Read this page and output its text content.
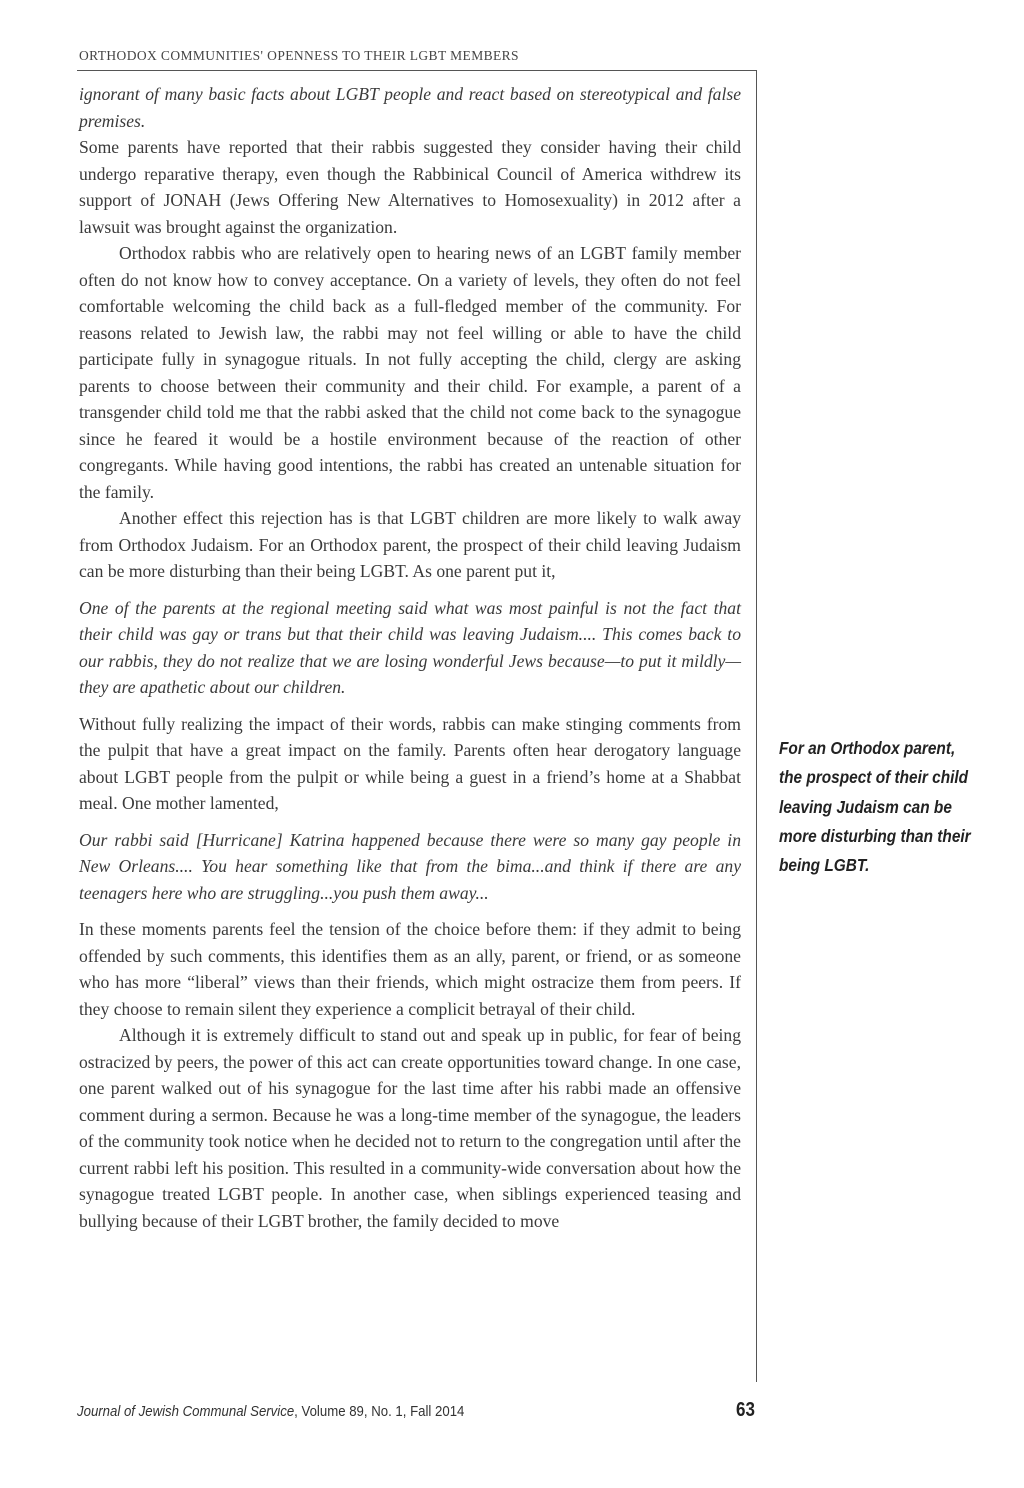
ORTHODOX COMMUNITIES' OPENNESS TO THEIR LGBT MEMBERS

ignorant of many basic facts about LGBT people and react based on stereotypical and false premises.

Some parents have reported that their rabbis suggested they consider having their child undergo reparative therapy, even though the Rabbinical Council of America withdrew its support of JONAH (Jews Offering New Alternatives to Homosexuality) in 2012 after a lawsuit was brought against the organization.

Orthodox rabbis who are relatively open to hearing news of an LGBT family member often do not know how to convey acceptance. On a variety of levels, they often do not feel comfortable welcoming the child back as a full-fledged member of the community. For reasons related to Jewish law, the rabbi may not feel willing or able to have the child participate fully in synagogue rituals. In not fully accepting the child, clergy are asking parents to choose between their community and their child. For example, a parent of a transgender child told me that the rabbi asked that the child not come back to the synagogue since he feared it would be a hostile environment because of the reaction of other congregants. While having good intentions, the rabbi has created an untenable situation for the family.

Another effect this rejection has is that LGBT children are more likely to walk away from Orthodox Judaism. For an Orthodox parent, the prospect of their child leaving Judaism can be more disturbing than their being LGBT. As one parent put it,

One of the parents at the regional meeting said what was most painful is not the fact that their child was gay or trans but that their child was leaving Judaism.... This comes back to our rabbis, they do not realize that we are losing wonderful Jews because—to put it mildly—they are apathetic about our children.

Without fully realizing the impact of their words, rabbis can make stinging comments from the pulpit that have a great impact on the family. Parents often hear derogatory language about LGBT people from the pulpit or while being a guest in a friend’s home at a Shabbat meal. One mother lamented,

Our rabbi said [Hurricane] Katrina happened because there were so many gay people in New Orleans.... You hear something like that from the bima...and think if there are any teenagers here who are struggling...you push them away...

In these moments parents feel the tension of the choice before them: if they admit to being offended by such comments, this identifies them as an ally, parent, or friend, or as someone who has more “liberal” views than their friends, which might ostracize them from peers. If they choose to remain silent they experience a complicit betrayal of their child.

Although it is extremely difficult to stand out and speak up in public, for fear of being ostracized by peers, the power of this act can create opportunities toward change. In one case, one parent walked out of his synagogue for the last time after his rabbi made an offensive comment during a sermon. Because he was a long-time member of the synagogue, the leaders of the community took notice when he decided not to return to the congregation until after the current rabbi left his position. This resulted in a community-wide conversation about how the synagogue treated LGBT people. In another case, when siblings experienced teasing and bullying because of their LGBT brother, the family decided to move

For an Orthodox parent, the prospect of their child leaving Judaism can be more disturbing than their being LGBT.
Journal of Jewish Communal Service, Volume 89, No. 1, Fall 2014	63
